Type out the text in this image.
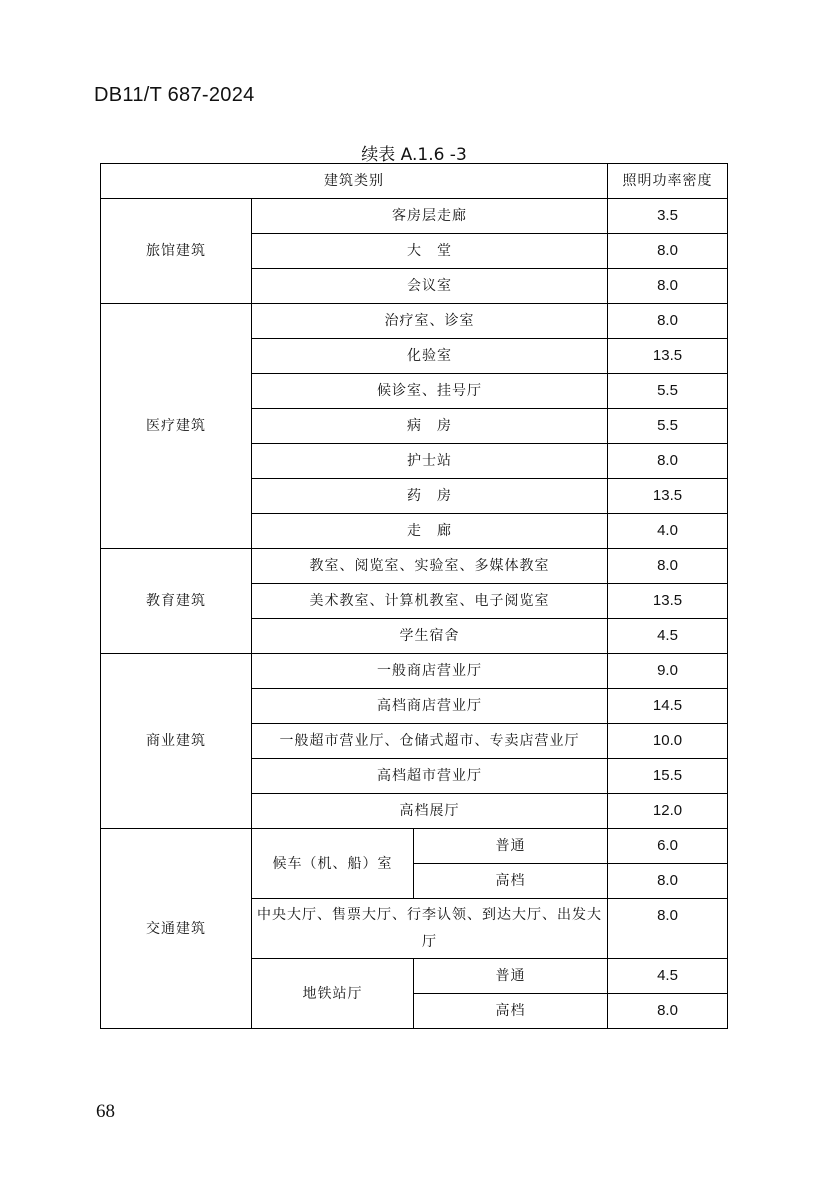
DB11/T 687-2024
续表 A.1.6 -3
建筑类别			照明功率密度
旅馆建筑	客房层走廊		3.5
	大　堂		8.0
	会议室		8.0
医疗建筑	治疗室、诊室		8.0
	化验室		13.5
	候诊室、挂号厅		5.5
	病　房		5.5
	护士站		8.0
	药　房		13.5
	走　廊		4.0
教育建筑	教室、阅览室、实验室、多媒体教室		8.0
	美术教室、计算机教室、电子阅览室		13.5
	学生宿舍		4.5
商业建筑	一般商店营业厅		9.0
	高档商店营业厅		14.5
	一般超市营业厅、仓储式超市、专卖店营业厅		10.0
	高档超市营业厅		15.5
	高档展厅		12.0
交通建筑	候车（机、船）室	普通	6.0
		高档	8.0
	中央大厅、售票大厅、行李认领、到达大厅、出发大厅		8.0
	地铁站厅	普通	4.5
		高档	8.0
68
